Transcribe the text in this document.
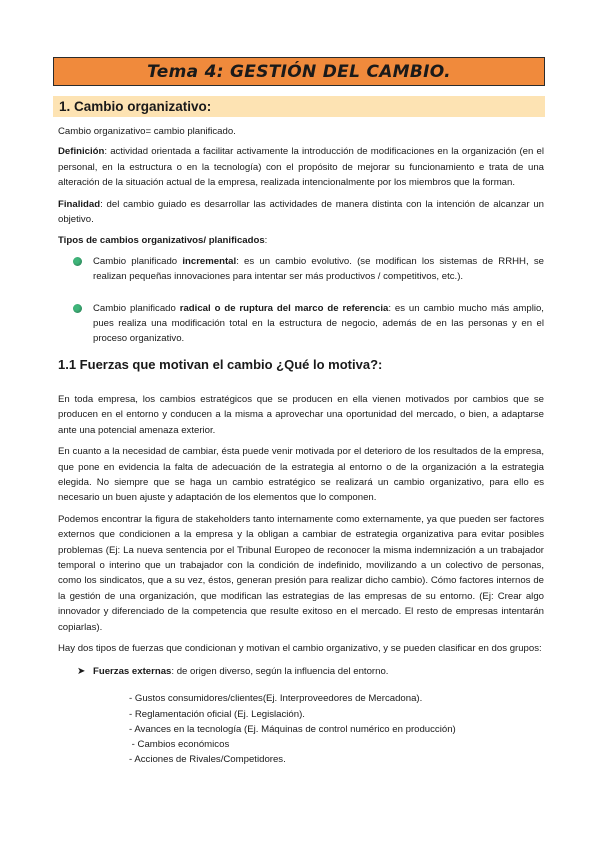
Tema 4: GESTIÓN DEL CAMBIO.
1. Cambio organizativo:

Cambio organizativo= cambio planificado.

Definición: actividad orientada a facilitar activamente la introducción de modificaciones en la organización (en el personal, en la estructura o en la tecnología) con el propósito de mejorar su funcionamiento e trata de una alteración de la situación actual de la empresa, realizada intencionalmente por los miembros que la forman.

Finalidad: del cambio guiado es desarrollar las actividades de manera distinta con la intención de alcanzar un objetivo.

Tipos de cambios organizativos/ planificados:

Cambio planificado incremental: es un cambio evolutivo. (se modifican los sistemas de RRHH, se realizan pequeñas innovaciones para intentar ser más productivos / competitivos, etc.).
Cambio planificado radical o de ruptura del marco de referencia: es un cambio mucho más amplio, pues realiza una modificación total en la estructura de negocio, además de en las personas y en el proceso organizativo.

1.1 Fuerzas que motivan el cambio ¿Qué lo motiva?:

En toda empresa, los cambios estratégicos que se producen en ella vienen motivados por cambios que se producen en el entorno y conducen a la misma a aprovechar una oportunidad del mercado, o bien, a adaptarse ante una potencial amenaza exterior.

En cuanto a la necesidad de cambiar, ésta puede venir motivada por el deterioro de los resultados de la empresa, que pone en evidencia la falta de adecuación de la estrategia al entorno o de la organización a la estrategia elegida. No siempre que se haga un cambio estratégico se realizará un cambio organizativo, para ello es necesario un buen ajuste y adaptación de los elementos que lo componen.

Podemos encontrar la figura de stakeholders tanto internamente como externamente, ya que pueden ser factores externos que condicionen a la empresa y la obligan a cambiar de estrategia organizativa para evitar posibles problemas (Ej: La nueva sentencia por el Tribunal Europeo de reconocer la misma indemnización a un trabajador temporal o interino que un trabajador con la condición de indefinido, movilizando a un colectivo de personas, como los sindicatos, que a su vez, éstos, generan presión para realizar dicho cambio). Cómo factores internos de la gestión de una organización, que modifican las estrategias de las empresas de su entorno. (Ej: Crear algo innovador y diferenciado de la competencia que resulte exitoso en el mercado. El resto de empresas intentarán copiarlas).

Hay dos tipos de fuerzas que condicionan y motivan el cambio organizativo, y se pueden clasificar en dos grupos:

➤ Fuerzas externas: de origen diverso, según la influencia del entorno.
- Gustos consumidores/clientes(Ej. Interproveedores de Mercadona).
- Reglamentación oficial (Ej. Legislación).
- Avances en la tecnología (Ej. Máquinas de control numérico en producción)
- Cambios económicos
- Acciones de Rivales/Competidores.
